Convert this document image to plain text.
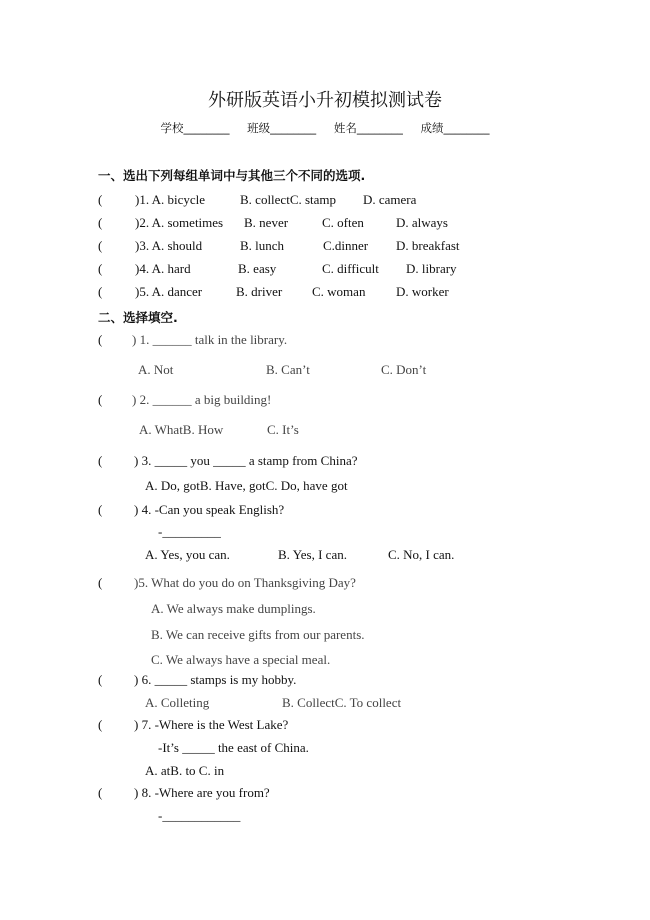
外研版英语小升初模拟测试卷
学校________ 班级________ 姓名________ 成绩________
一、选出下列每组单词中与其他三个不同的选项.
(	)1. A. bicycle	B. collectC. stamp D. camera
(	)2. A. sometimes B. never	C. often D. always
(	)3. A. should	B. lunch	C.dinner D. breakfast
(	)4. A. hard	B. easy	C. difficult D. library
(	)5. A. dancer	B. driver C. woman D. worker
二、选择填空.
( ) 1. ______ talk in the library.
A. Not	B. Can’t	C. Don’t
( ) 2. ______ a big building!
A. WhatB. How	C. It’s
( ) 3. _____ you _____ a stamp from China?
A. Do, gotB. Have, gotC. Do, have got
( ) 4. -Can you speak English?
-_________
A. Yes, you can.	B. Yes, I can.	C. No, I can.
( )5. What do you do on Thanksgiving Day?
A. We always make dumplings.
B. We can receive gifts from our parents.
C. We always have a special meal.
( ) 6. _____ stamps is my hobby.
A. Colleting	B. CollectC. To collect
( ) 7. -Where is the West Lake?
-It’s _____ the east of China.
A. atB. to C. in
( ) 8. -Where are you from?
-____________
